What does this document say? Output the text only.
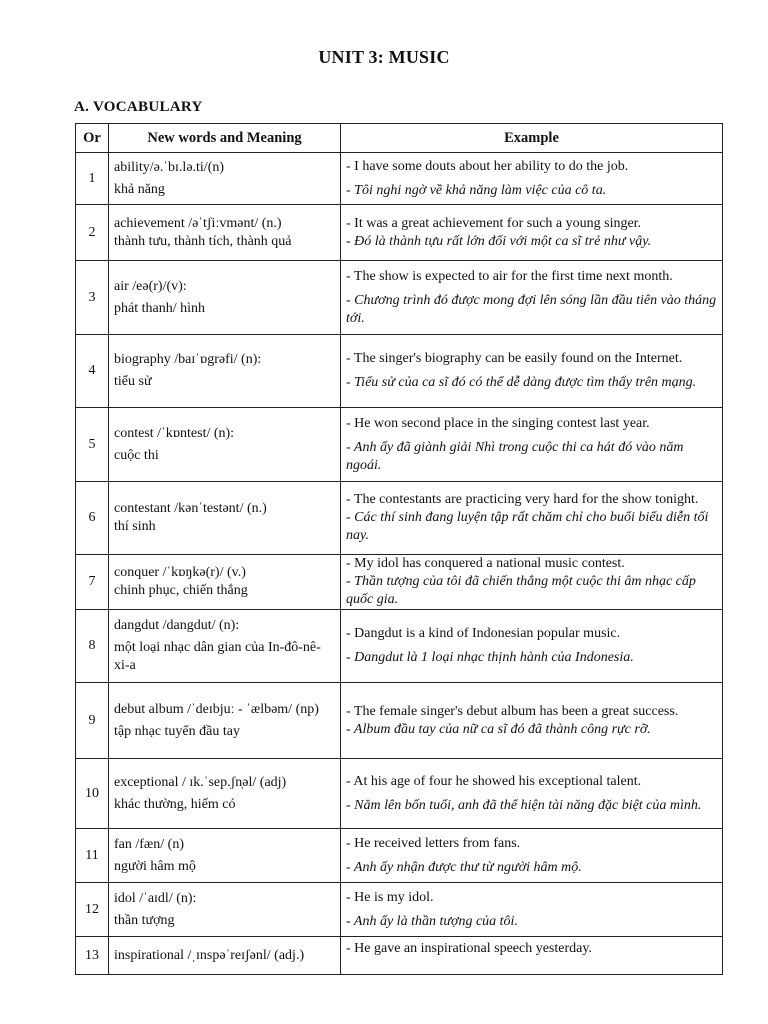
UNIT 3: MUSIC
A. VOCABULARY
Or	New words and Meaning	Example
1	ability/ə.ˈbɪ.lə.ti/(n)
khả năng	- I have some douts about her ability to do the job.
- Tôi nghi ngờ về khả năng làm việc của cô ta.

2	achievement /əˈtʃiːvmənt/ (n.)
thành tưu, thành tích, thành quả	- It was a great achievement for such a young singer.
- Đó là thành tựu rất lớn đối với một ca sĩ trẻ như vậy.

3	air /eə(r)/(v):
phát thanh/ hình	- The show is expected to air for the first time next month.
- Chương trình đó được mong đợi lên sóng lần đầu tiên vào tháng tới.

4	biography /baɪˈɒgrəfi/ (n):
tiểu sử	- The singer's biography can be easily found on the Internet.
- Tiểu sử của ca sĩ đó có thể dễ dàng được tìm thấy trên mạng.

5	contest /ˈkɒntest/ (n):
cuộc thi	- He won second place in the singing contest last year.
- Anh ấy đã giành giải Nhì trong cuộc thi ca hát đó vào năm ngoái.

6	contestant /kənˈtestənt/ (n.)
thí sinh	- The contestants are practicing very hard for the show tonight.
- Các thí sinh đang luyện tập rất chăm chỉ cho buổi biểu diễn tối nay.

7	conquer /ˈkɒŋkə(r)/ (v.)
chinh phục, chiến thắng	- My idol has conquered a national music contest.
- Thần tượng của tôi đã chiến thắng một cuộc thi âm nhạc cấp quốc gia.

8	dangdut /dangdut/ (n):
một loại nhạc dân gian của In-đô-nê-xi-a	- Dangdut is a kind of Indonesian popular music.
- Dangdut là 1 loại nhạc thịnh hành của Indonesia.

9	debut album /ˈdeɪbjuː - ˈælbəm/ (np)
tập nhạc tuyển đầu tay	- The female singer's debut album has been a great success.
- Album đầu tay của nữ ca sĩ đó đã thành công rực rỡ.

10	exceptional / ɪk.ˈsep.ʃn̩əl/ (adj)
khác thường, hiếm có	- At his age of four he showed his exceptional talent.
- Năm lên bốn tuổi, anh đã thể hiện tài năng đặc biệt của mình.

11	fan /fæn/ (n)
người hâm mộ	- He received letters from fans.
- Anh ấy nhận được thư từ người hâm mộ.

12	idol /ˈaɪdl/ (n):
thần tượng	- He is my idol.
- Anh ấy là thần tượng của tôi.

13	inspirational /ˌɪnspəˈreɪʃənl/ (adj.)	- He gave an inspirational speech yesterday.
